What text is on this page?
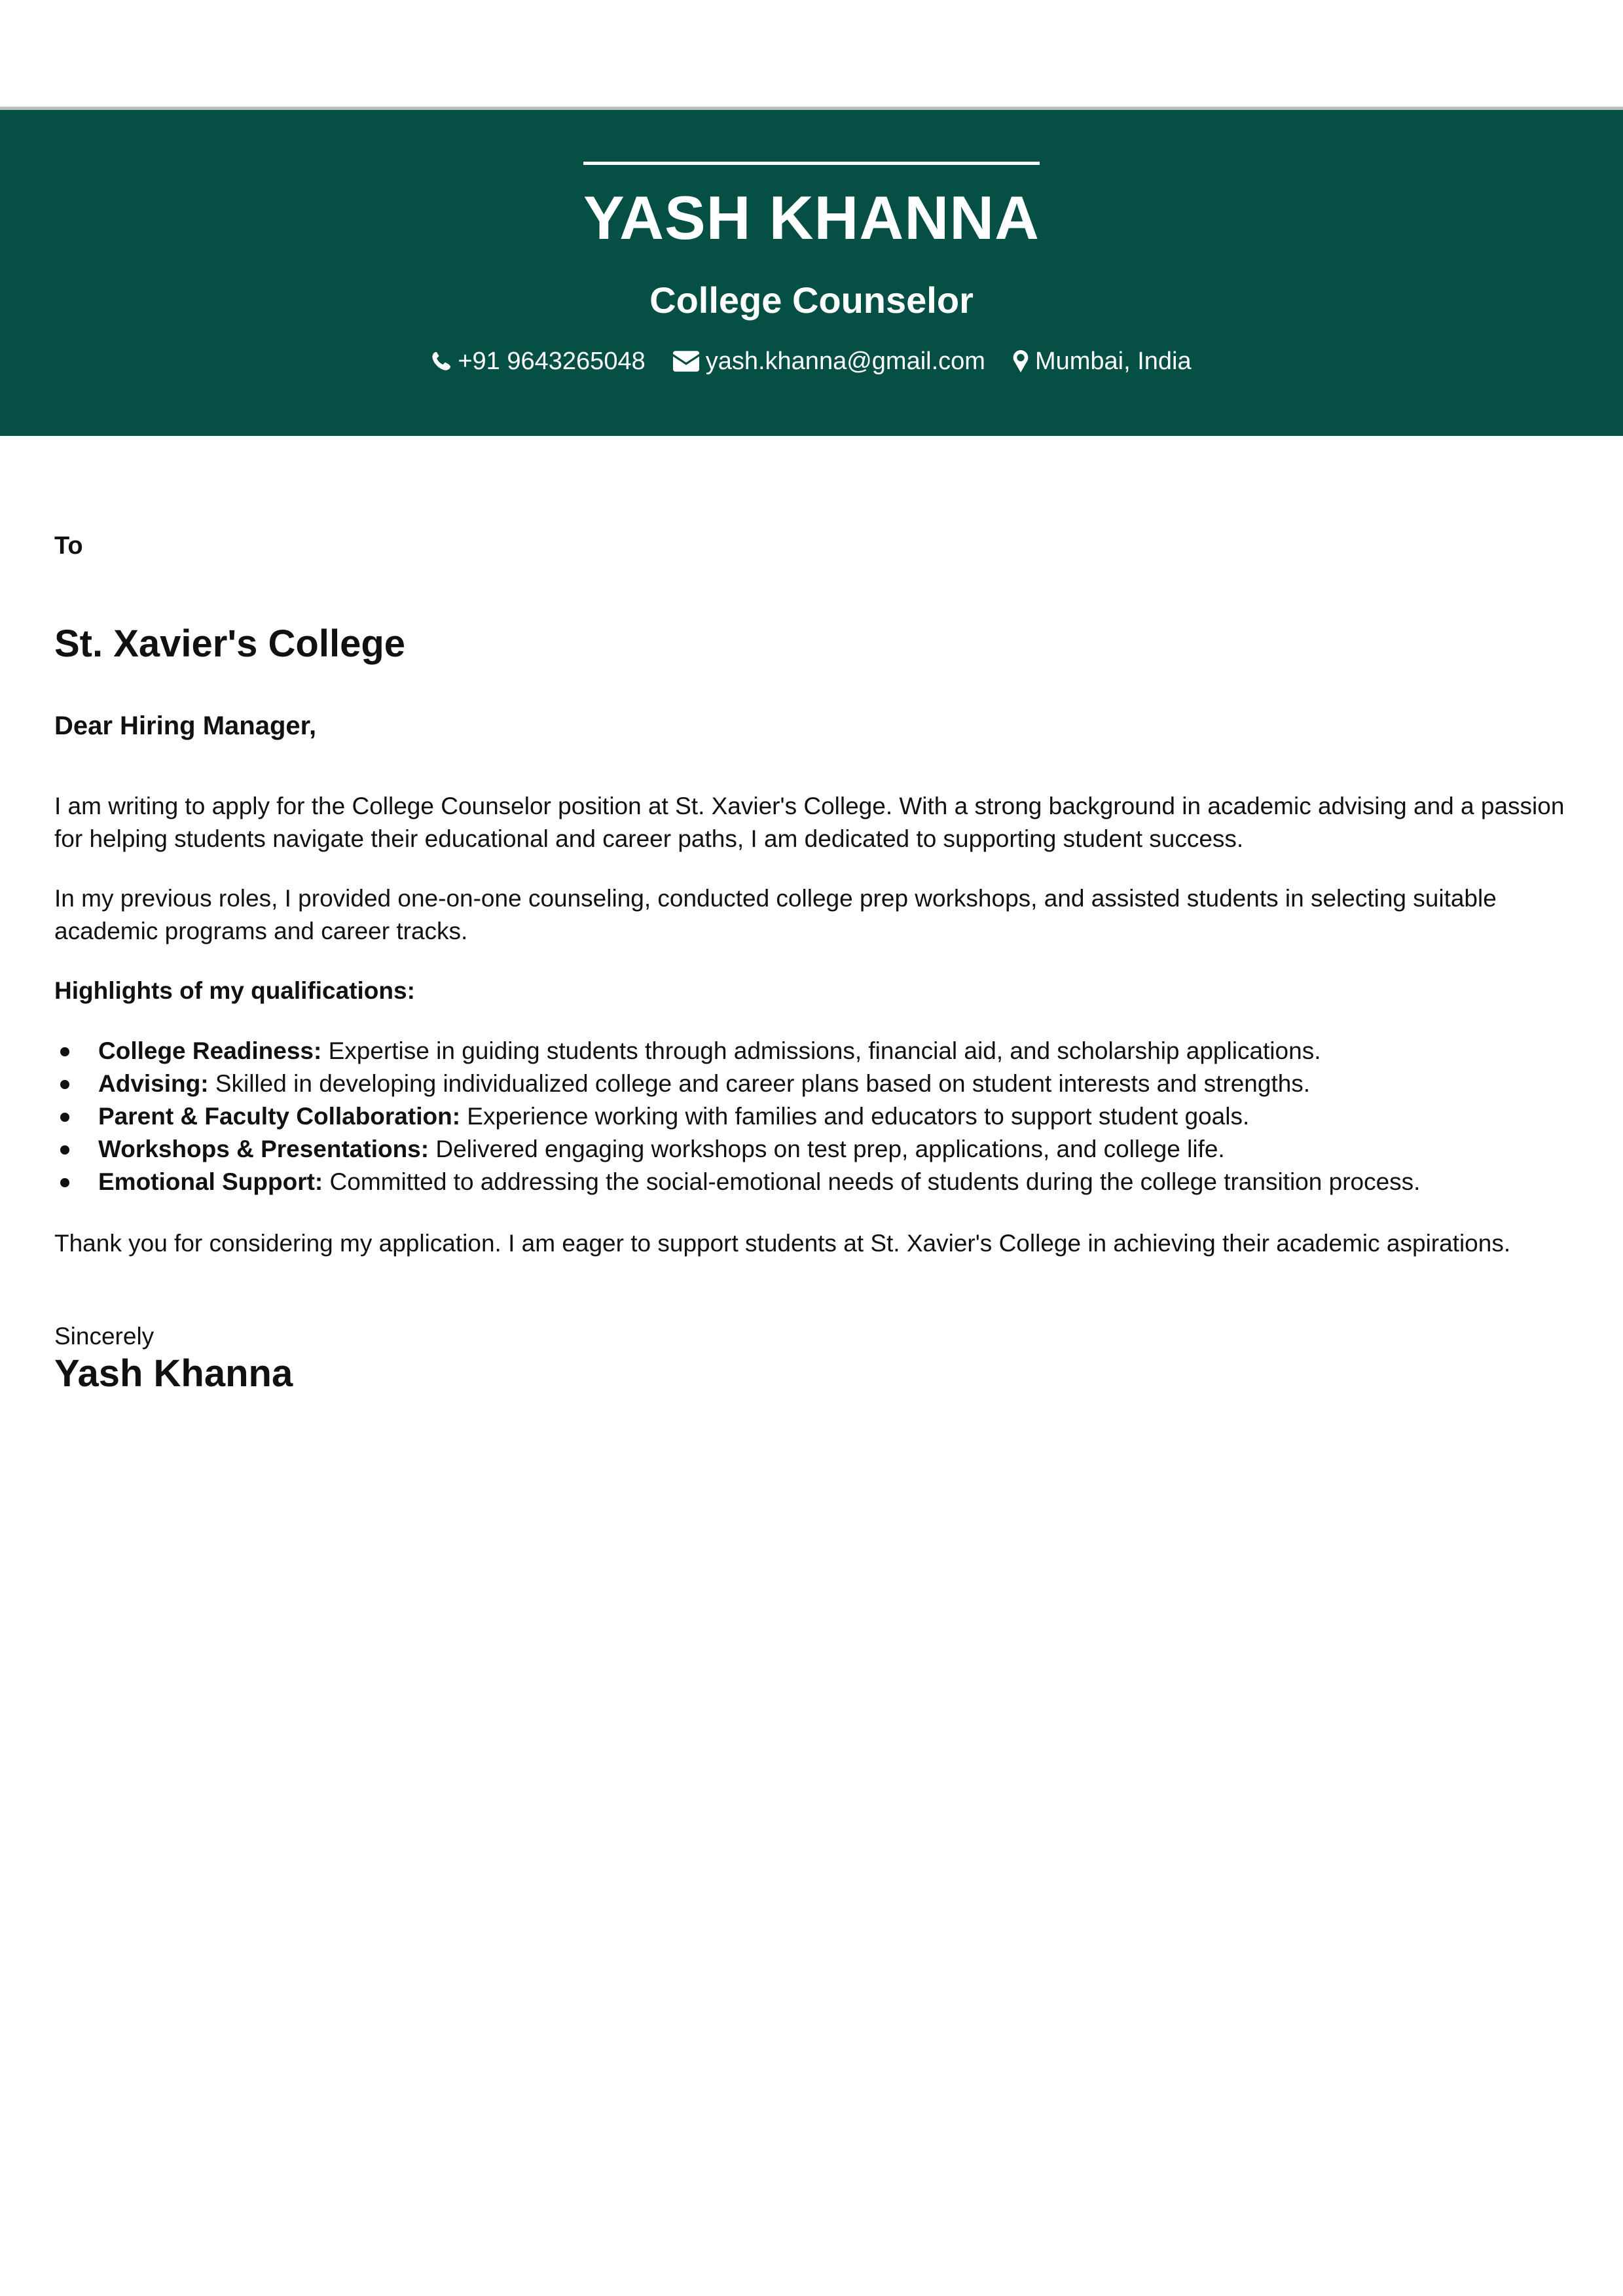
YASH KHANNA
College Counselor
+91 9643265048 yash.khanna@gmail.com Mumbai, India
To
St. Xavier's College
Dear Hiring Manager,

I am writing to apply for the College Counselor position at St. Xavier's College. With a strong background in academic advising and a passion for helping students navigate their educational and career paths, I am dedicated to supporting student success.

In my previous roles, I provided one-on-one counseling, conducted college prep workshops, and assisted students in selecting suitable academic programs and career tracks.

Highlights of my qualifications:
College Readiness: Expertise in guiding students through admissions, financial aid, and scholarship applications.
Advising: Skilled in developing individualized college and career plans based on student interests and strengths.
Parent & Faculty Collaboration: Experience working with families and educators to support student goals.
Workshops & Presentations: Delivered engaging workshops on test prep, applications, and college life.
Emotional Support: Committed to addressing the social-emotional needs of students during the college transition process.

Thank you for considering my application. I am eager to support students at St. Xavier's College in achieving their academic aspirations.

Sincerely
Yash Khanna
